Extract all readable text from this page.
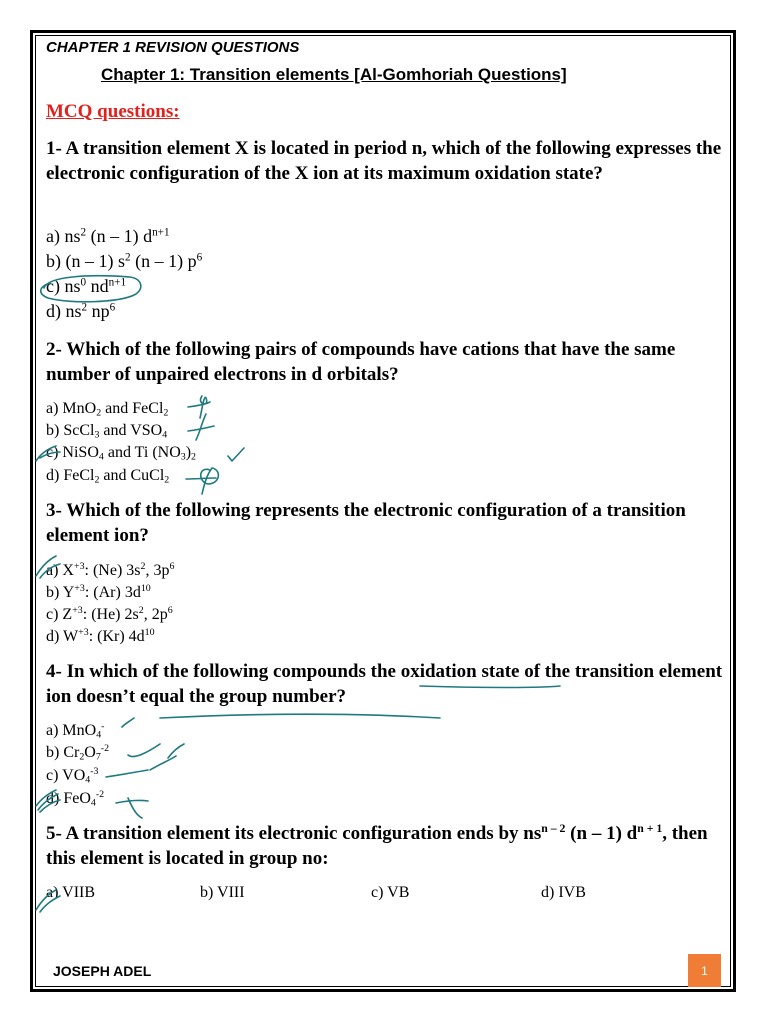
CHAPTER 1 REVISION QUESTIONS
Chapter 1: Transition elements [Al-Gomhoriah Questions]
MCQ questions:
1- A transition element X is located in period n, which of the following expresses the electronic configuration of the X ion at its maximum oxidation state?
a) $ns^2$ (n – 1) $d^{n+1}$
b) (n – 1) $s^2$ (n – 1) $p^6$
c) $ns^0$ $nd^{n+1}$
d) $ns^2$ $np^6$
2- Which of the following pairs of compounds have cations that have the same number of unpaired electrons in d orbitals?
a) MnO$_2$ and FeCl$_2$
b) ScCl$_3$ and $VSO_4$
c) NiSO$_4$ and Ti $(NO_3)_2$
d) FeCl$_2$ and CuCl$_2$
3- Which of the following represents the electronic configuration of a transition element ion?
a) $X^{+3}$: (Ne) $3s^2$, $3p^6$
b) $Y^{+3}$: (Ar) $3d^{10}$
c) $Z^{+3}$: (He) $2s^2$, $2p^6$
d) $W^{+3}$: (Kr) $4d^{10}$
4- In which of the following compounds the oxidation state of the transition element ion doesn’t equal the group number?
a) MnO$_4$-
b) $Cr_2O_7^{-2}$
c) $VO_4^{-3}$
d) FeO$_4^{-2}$
5- A transition element its electronic configuration ends by $ns^{n - 2}$ (n – 1) $d^{n + 1}$, then this element is located in group no:
a) VIIB	b) VIII	c) VB	d) IVB
JOSEPH ADEL	1
